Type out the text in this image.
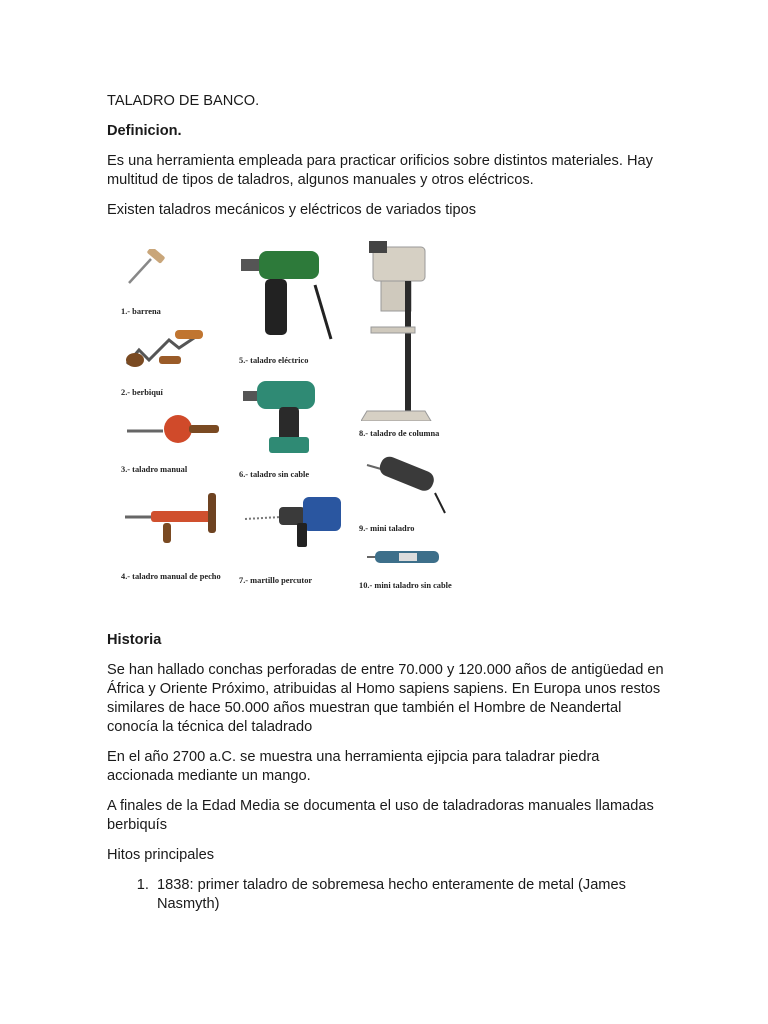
TALADRO DE BANCO.

Definicion.

Es una herramienta empleada para practicar orificios sobre distintos materiales. Hay multitud de tipos de taladros, algunos manuales y otros eléctricos.

Existen taladros mecánicos y eléctricos de variados tipos

1.- barrena
2.- berbiquí
3.- taladro manual
4.- taladro manual de pecho
5.- taladro eléctrico
6.- taladro sin cable
7.- martillo percutor
8.- taladro de columna
9.- mini taladro
10.- mini taladro sin cable

Historia

Se han hallado conchas perforadas de entre 70.000 y 120.000 años de antigüedad en África y Oriente Próximo, atribuidas al Homo sapiens sapiens. En Europa unos restos similares de hace 50.000 años muestran que también el Hombre de Neandertal conocía la técnica del taladrado

En el año 2700 a.C. se muestra una herramienta ejipcia para taladrar piedra accionada mediante un mango.

A finales de la Edad Media se documenta el uso de taladradoras manuales llamadas berbiquís

Hitos principales

1. 1838: primer taladro de sobremesa hecho enteramente de metal (James Nasmyth)
